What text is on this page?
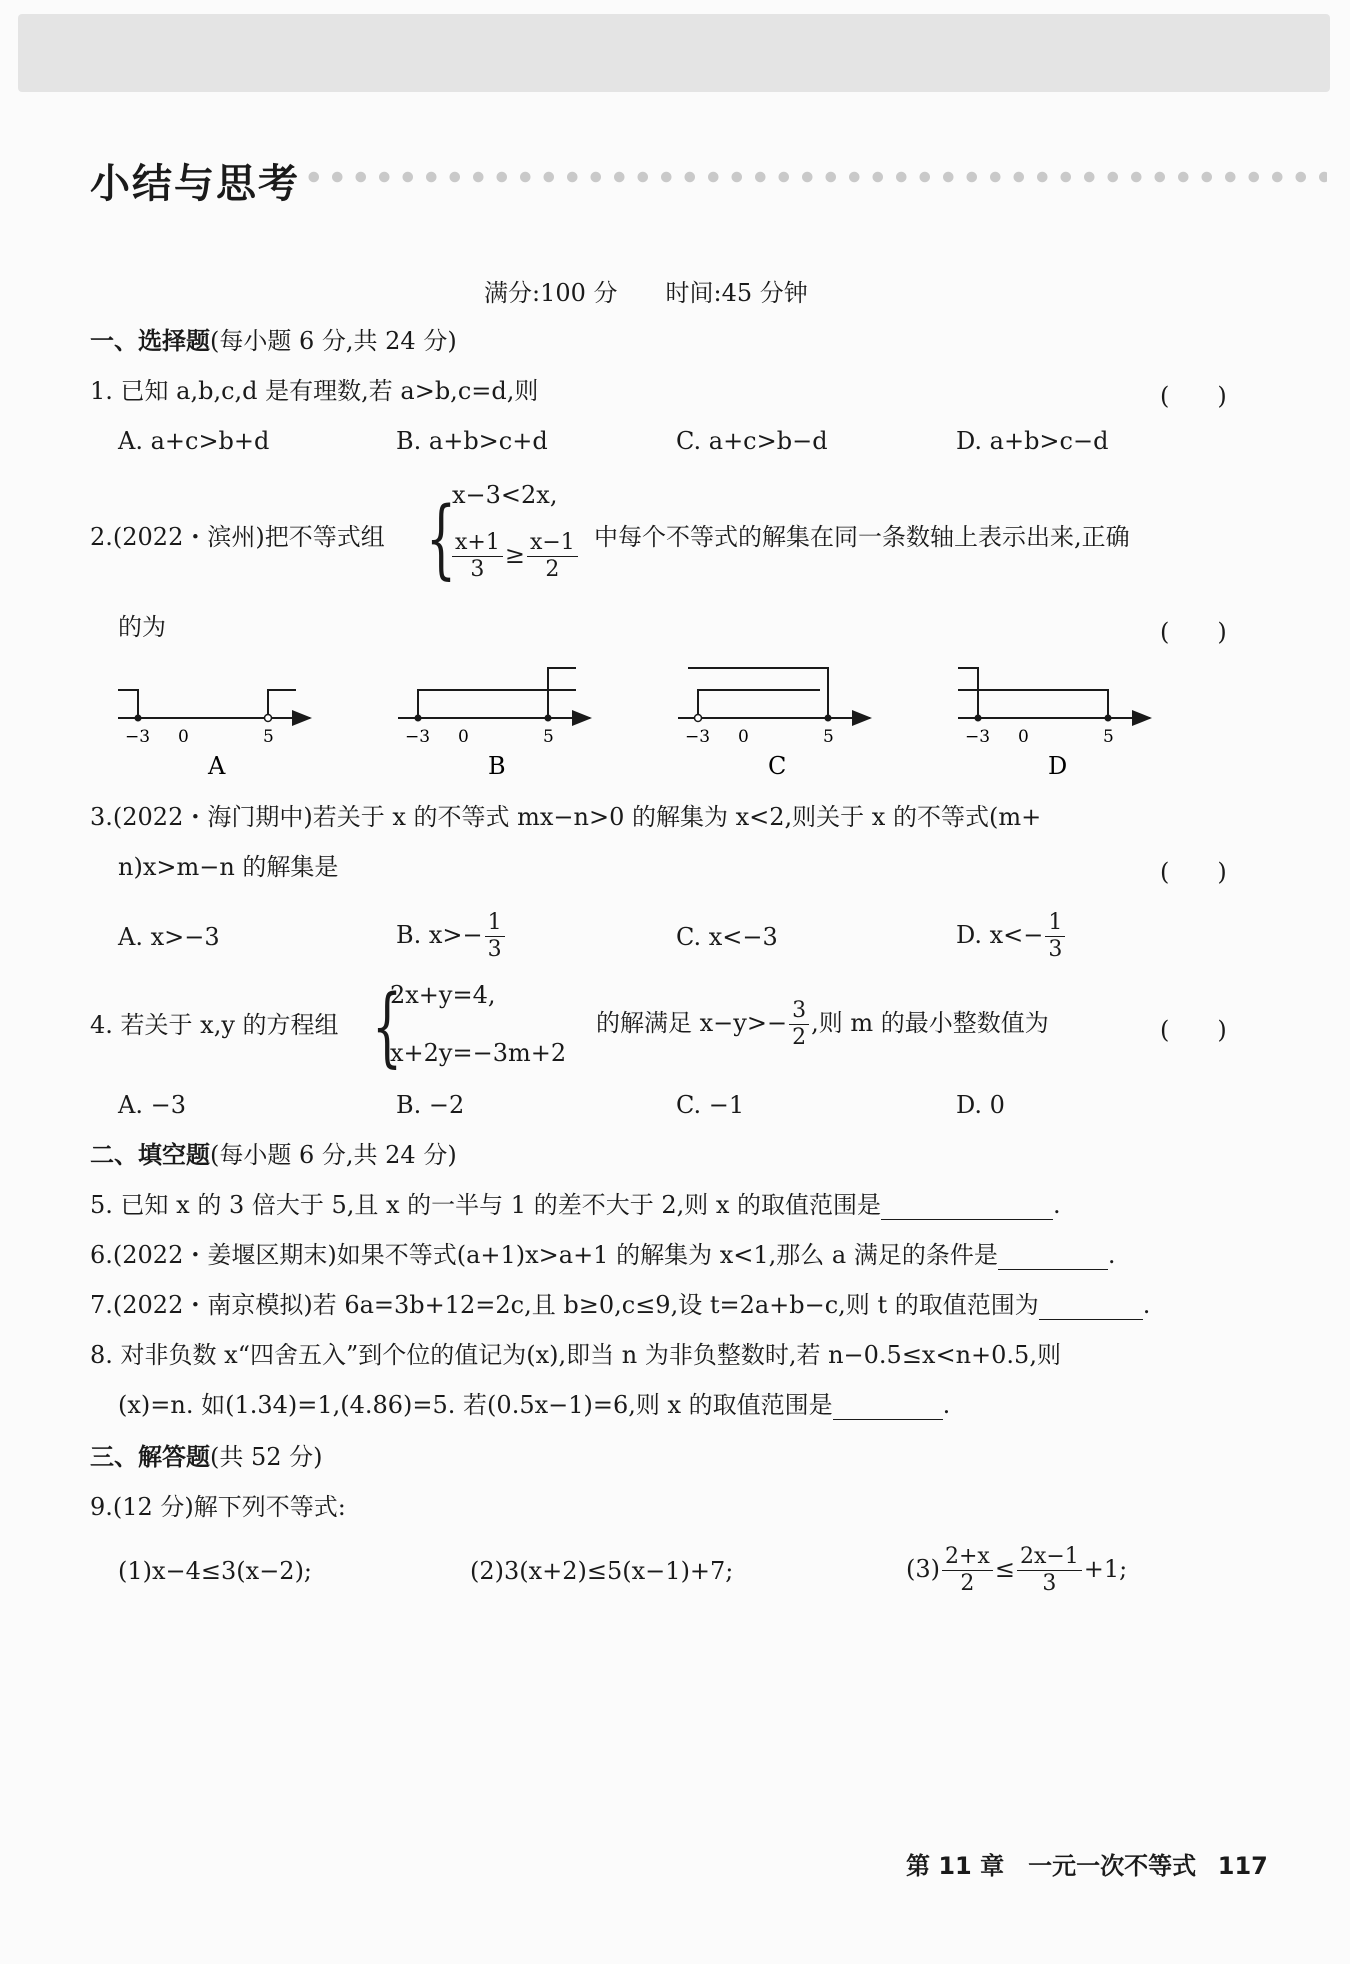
小结与思考
满分:100 分　　时间:45 分钟
一、选择题(每小题 6 分,共 24 分)
1. 已知 a,b,c,d 是有理数,若 a>b,c=d,则	(　　)
A. a+c>b+d	B. a+b>c+d	C. a+c>b−d	D. a+b>c−d
2.(2022・滨州)把不等式组 {
x−3<2x,
$\frac{x+1}{3} \ge \frac{x-1}{2}$ 中每个不等式的解集在同一条数轴上表示出来,正确
的为	(　　)
−3 0	5
A
−3 0	5
B
−3 0	5
C
−3 0	5
D
3.(2022・海门期中)若关于 x 的不等式 mx−n>0 的解集为 x<2,则关于 x 的不等式(m+
n)x>m−n 的解集是	(　　)
A. x>−3	B. $x>- \frac{1}{3}$	C. x<−3	D. $x<- \frac{1}{3}$
4. 若关于 x,y 的方程组 {
2x+y=4,
x+2y=−3m+2
的解满足 $x-y>- \frac{3}{2}$ ,则 m 的最小整数值为	(　　)
A. −3	B. −2	C. −1	D. 0
二、填空题(每小题 6 分,共 24 分)
5. 已知 x 的 3 倍大于 5,且 x 的一半与 1 的差不大于 2,则 x 的取值范围是	.
6.(2022・姜堰区期末)如果不等式(a+1)x>a+1 的解集为 x<1,那么 a 满足的条件是	.
7.(2022・南京模拟)若 6a=3b+12=2c,且 b≥0,c≤9,设 t=2a+b−c,则 t 的取值范围为	.
8. 对非负数 x“四舍五入”到个位的值记为(x),即当 n 为非负整数时,若 n−0.5≤x<n+0.5,则
(x)=n. 如(1.34)=1,(4.86)=5. 若(0.5x−1)=6,则 x 的取值范围是	.
三、解答题(共 52 分)
9.(12 分)解下列不等式:
(1)x−4≤3(x−2);	(2)3(x+2)≤5(x−1)+7;	$(3) \frac{2+x}{2} \le \frac{2x-1}{3} +1$;
第 11 章　一元一次不等式 117
